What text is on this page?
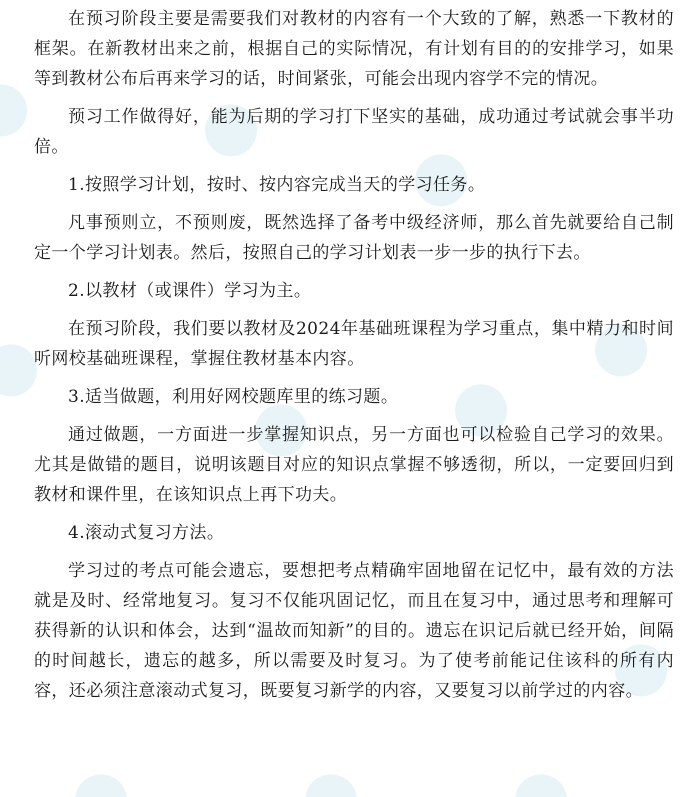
在预习阶段主要是需要我们对教材的内容有一个大致的了解，熟悉一下教材的框架。在新教材出来之前，根据自己的实际情况，有计划有目的的安排学习，如果等到教材公布后再来学习的话，时间紧张，可能会出现内容学不完的情况。

预习工作做得好，能为后期的学习打下坚实的基础，成功通过考试就会事半功倍。

1.按照学习计划，按时、按内容完成当天的学习任务。

凡事预则立，不预则废，既然选择了备考中级经济师，那么首先就要给自己制定一个学习计划表。然后，按照自己的学习计划表一步一步的执行下去。

2.以教材（或课件）学习为主。

在预习阶段，我们要以教材及2024年基础班课程为学习重点，集中精力和时间听网校基础班课程，掌握住教材基本内容。

3.适当做题，利用好网校题库里的练习题。

通过做题，一方面进一步掌握知识点，另一方面也可以检验自己学习的效果。尤其是做错的题目，说明该题目对应的知识点掌握不够透彻，所以，一定要回归到教材和课件里，在该知识点上再下功夫。

4.滚动式复习方法。

学习过的考点可能会遗忘，要想把考点精确牢固地留在记忆中，最有效的方法就是及时、经常地复习。复习不仅能巩固记忆，而且在复习中，通过思考和理解可获得新的认识和体会，达到“温故而知新”的目的。遗忘在识记后就已经开始，间隔的时间越长，遗忘的越多，所以需要及时复习。为了使考前能记住该科的所有内容，还必须注意滚动式复习，既要复习新学的内容，又要复习以前学过的内容。
